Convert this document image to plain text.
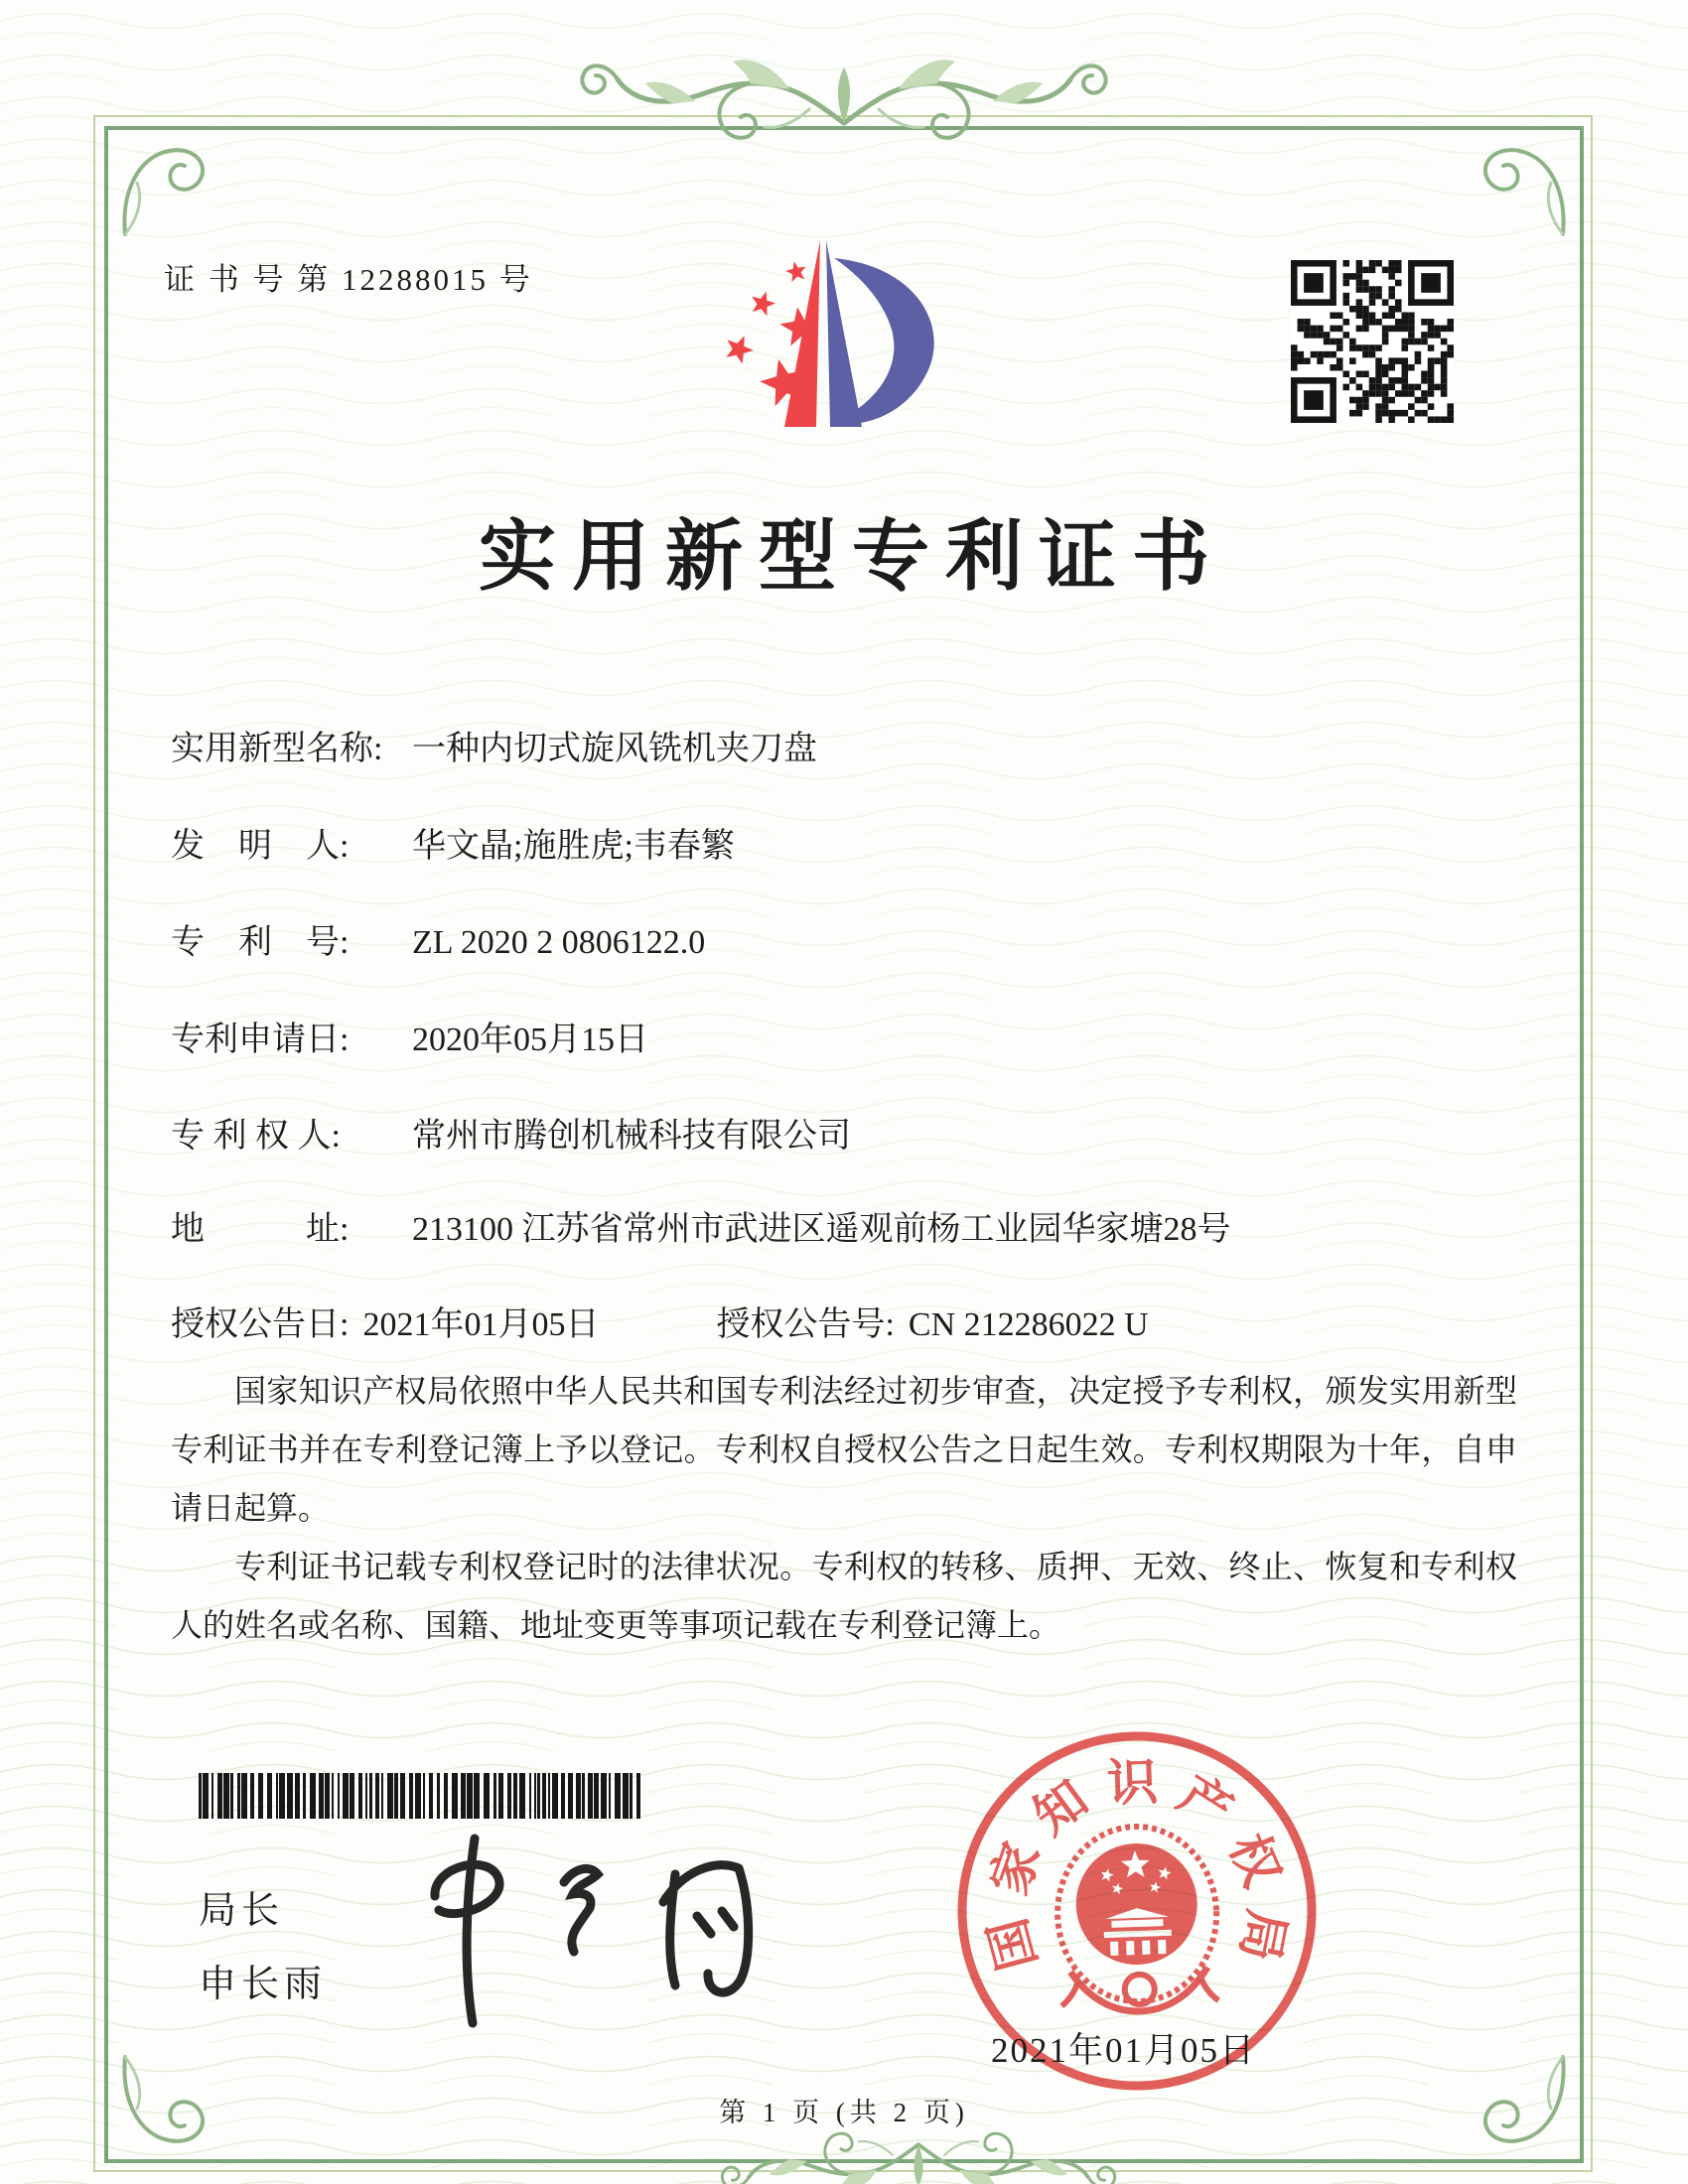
证 书 号 第 12288015 号
实用新型专利证书
实用新型名称: 一种内切式旋风铣机夹刀盘
发　明　人:	华文晶;施胜虎;韦春繁
专　利　号:	ZL 2020 2 0806122.0
专利申请日:	2020年05月15日
专 利 权 人:	常州市腾创机械科技有限公司
地　　　址:	213100 江苏省常州市武进区遥观前杨工业园华家塘28号
授权公告日: 2021年01月05日	授权公告号: CN 212286022 U

国家知识产权局依照中华人民共和国专利法经过初步审查，决定授予专利权，颁发实用新型专利证书并在专利登记簿上予以登记。专利权自授权公告之日起生效。专利权期限为十年，自申请日起算。

专利证书记载专利权登记时的法律状况。专利权的转移、质押、无效、终止、恢复和专利权人的姓名或名称、国籍、地址变更等事项记载在专利登记簿上。

局长
申长雨
国
家
知 识 产
权
局
2021年01月05日
第 1 页 (共 2 页)
